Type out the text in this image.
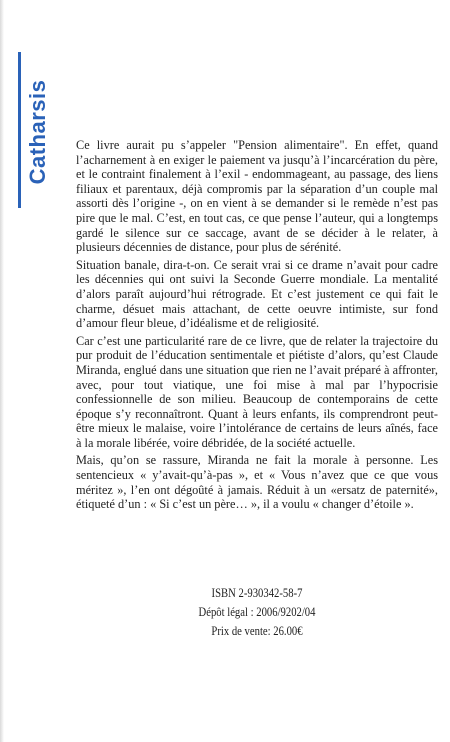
Catharsis Ce livre aurait pu s’appeler "Pension alimentaire". En effet, quand l’acharnement à en exiger le paiement va jusqu’à l’incarcération du père, et le contraint finalement à l’exil - endommageant, au passage, des liens filiaux et parentaux, déjà compromis par la séparation d’un couple mal assorti dès l’origine -, on en vient à se demander si le remède n’est pas pire que le mal. C’est, en tout cas, ce que pense l’auteur, qui a longtemps gardé le silence sur ce saccage, avant de se décider à le relater, à plusieurs décennies de distance, pour plus de sérénité.

Situation banale, dira-t-on. Ce serait vrai si ce drame n’avait pour cadre les décennies qui ont suivi la Seconde Guerre mondiale. La mentalité d’alors paraît aujourd’hui rétrograde. Et c’est justement ce qui fait le charme, désuet mais attachant, de cette oeuvre intimiste, sur fond d’amour fleur bleue, d’idéalisme et de religiosité.

Car c’est une particularité rare de ce livre, que de relater la trajectoire du pur produit de l’éducation sentimentale et piétiste d’alors, qu’est Claude Miranda, englué dans une situation que rien ne l’avait préparé à affronter, avec, pour tout viatique, une foi mise à mal par l’hypocrisie confessionnelle de son milieu. Beaucoup de contemporains de cette époque s’y reconnaîtront. Quant à leurs enfants, ils comprendront peut-être mieux le malaise, voire l’intolérance de certains de leurs aînés, face à la morale libérée, voire débridée, de la société actuelle.

Mais, qu’on se rassure, Miranda ne fait la morale à personne. Les sentencieux « y’avait-qu’à-pas », et « Vous n’avez que ce que vous méritez », l’en ont dégoûté à jamais. Réduit à un «ersatz de paternité», étiqueté d’un : « Si c’est un père… », il a voulu « changer d’étoile ».

ISBN 2-930342-58-7
Dépôt légal : 2006/9202/04
Prix de vente: 26.00€
